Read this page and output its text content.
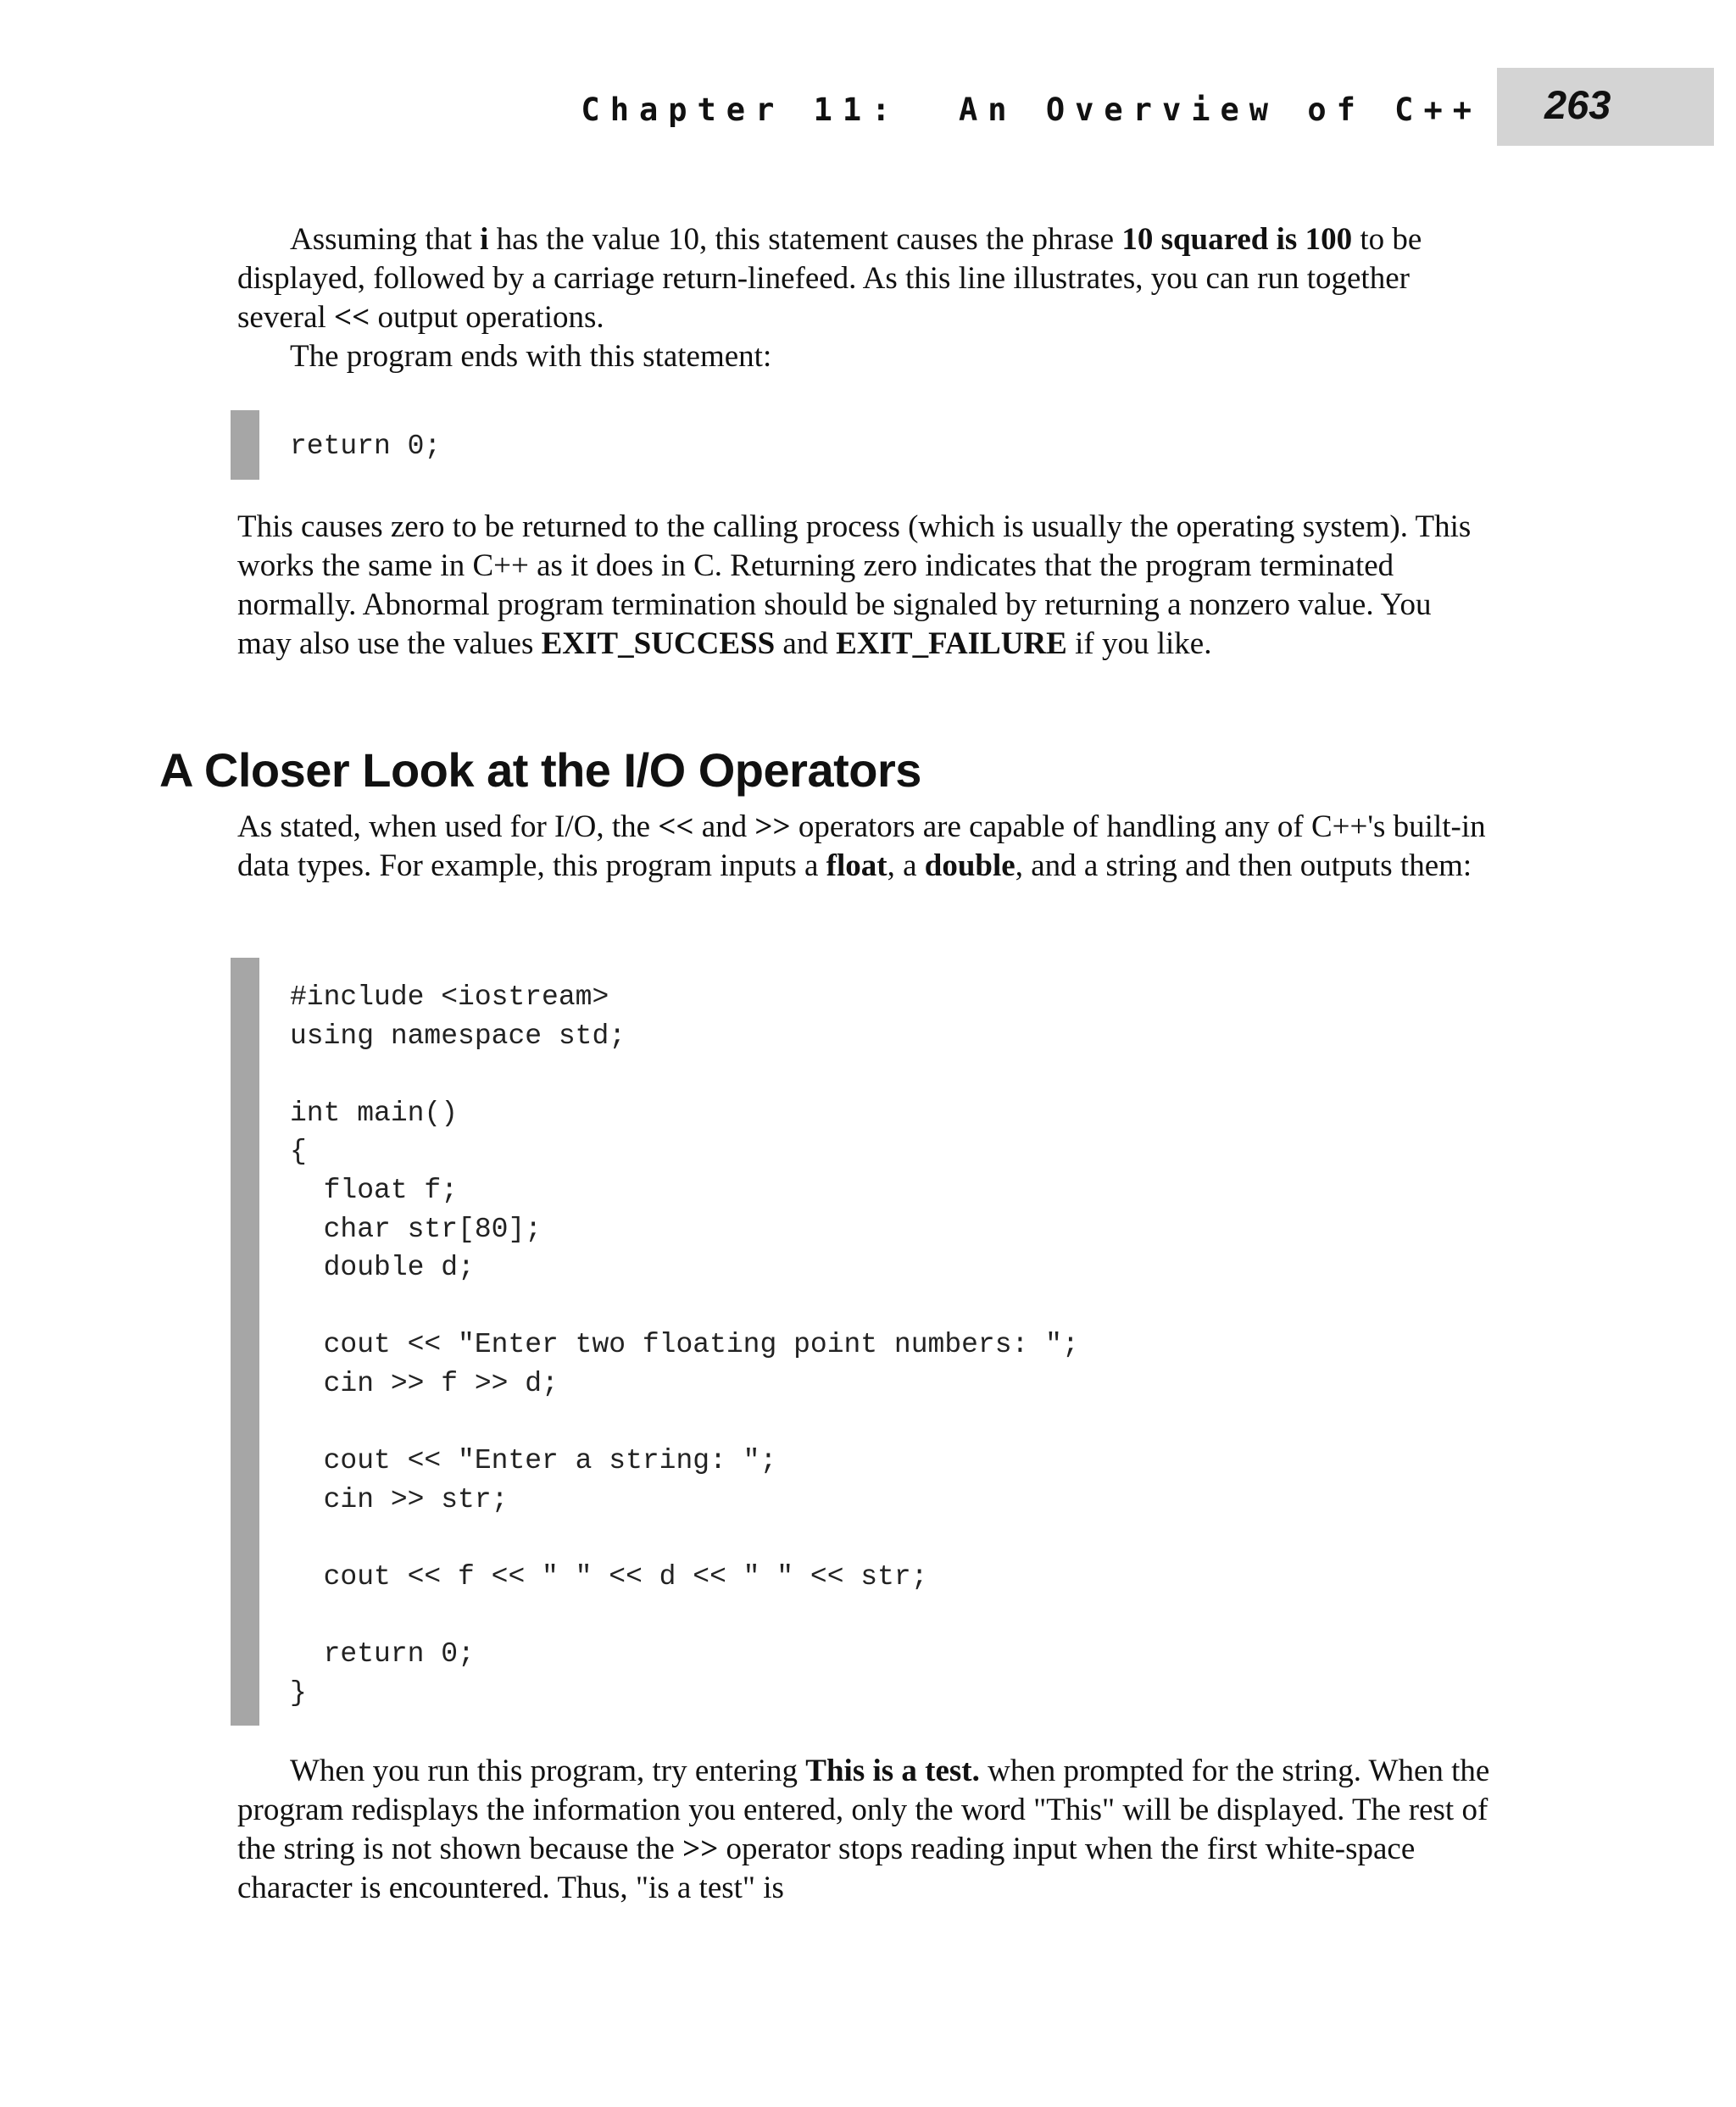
Chapter 11: An Overview of C++	263

Assuming that i has the value 10, this statement causes the phrase 10 squared is 100 to be displayed, followed by a carriage return-linefeed. As this line illustrates, you can run together several << output operations.

The program ends with this statement:

return 0;

This causes zero to be returned to the calling process (which is usually the operating system). This works the same in C++ as it does in C. Returning zero indicates that the program terminated normally. Abnormal program termination should be signaled by returning a nonzero value. You may also use the values EXIT_SUCCESS and EXIT_​FAILURE if you like.

A Closer Look at the I/O Operators

As stated, when used for I/O, the << and >> operators are capable of handling any of C++'s built-in data types. For example, this program inputs a float, a double, and a string and then outputs them:

#include <iostream>
using namespace std;

int main()
{
float f;
char str[80];
double d;

cout << "Enter two floating point numbers: ";
cin >> f >> d;

cout << "Enter a string: ";
cin >> str;

cout << f << " " << d << " " << str;

return 0;
}

When you run this program, try entering This is a test. when prompted for the string. When the program redisplays the information you entered, only the word "This" will be displayed. The rest of the string is not shown because the >> operator stops reading input when the first white-space character is encountered. Thus, "is a test" is
